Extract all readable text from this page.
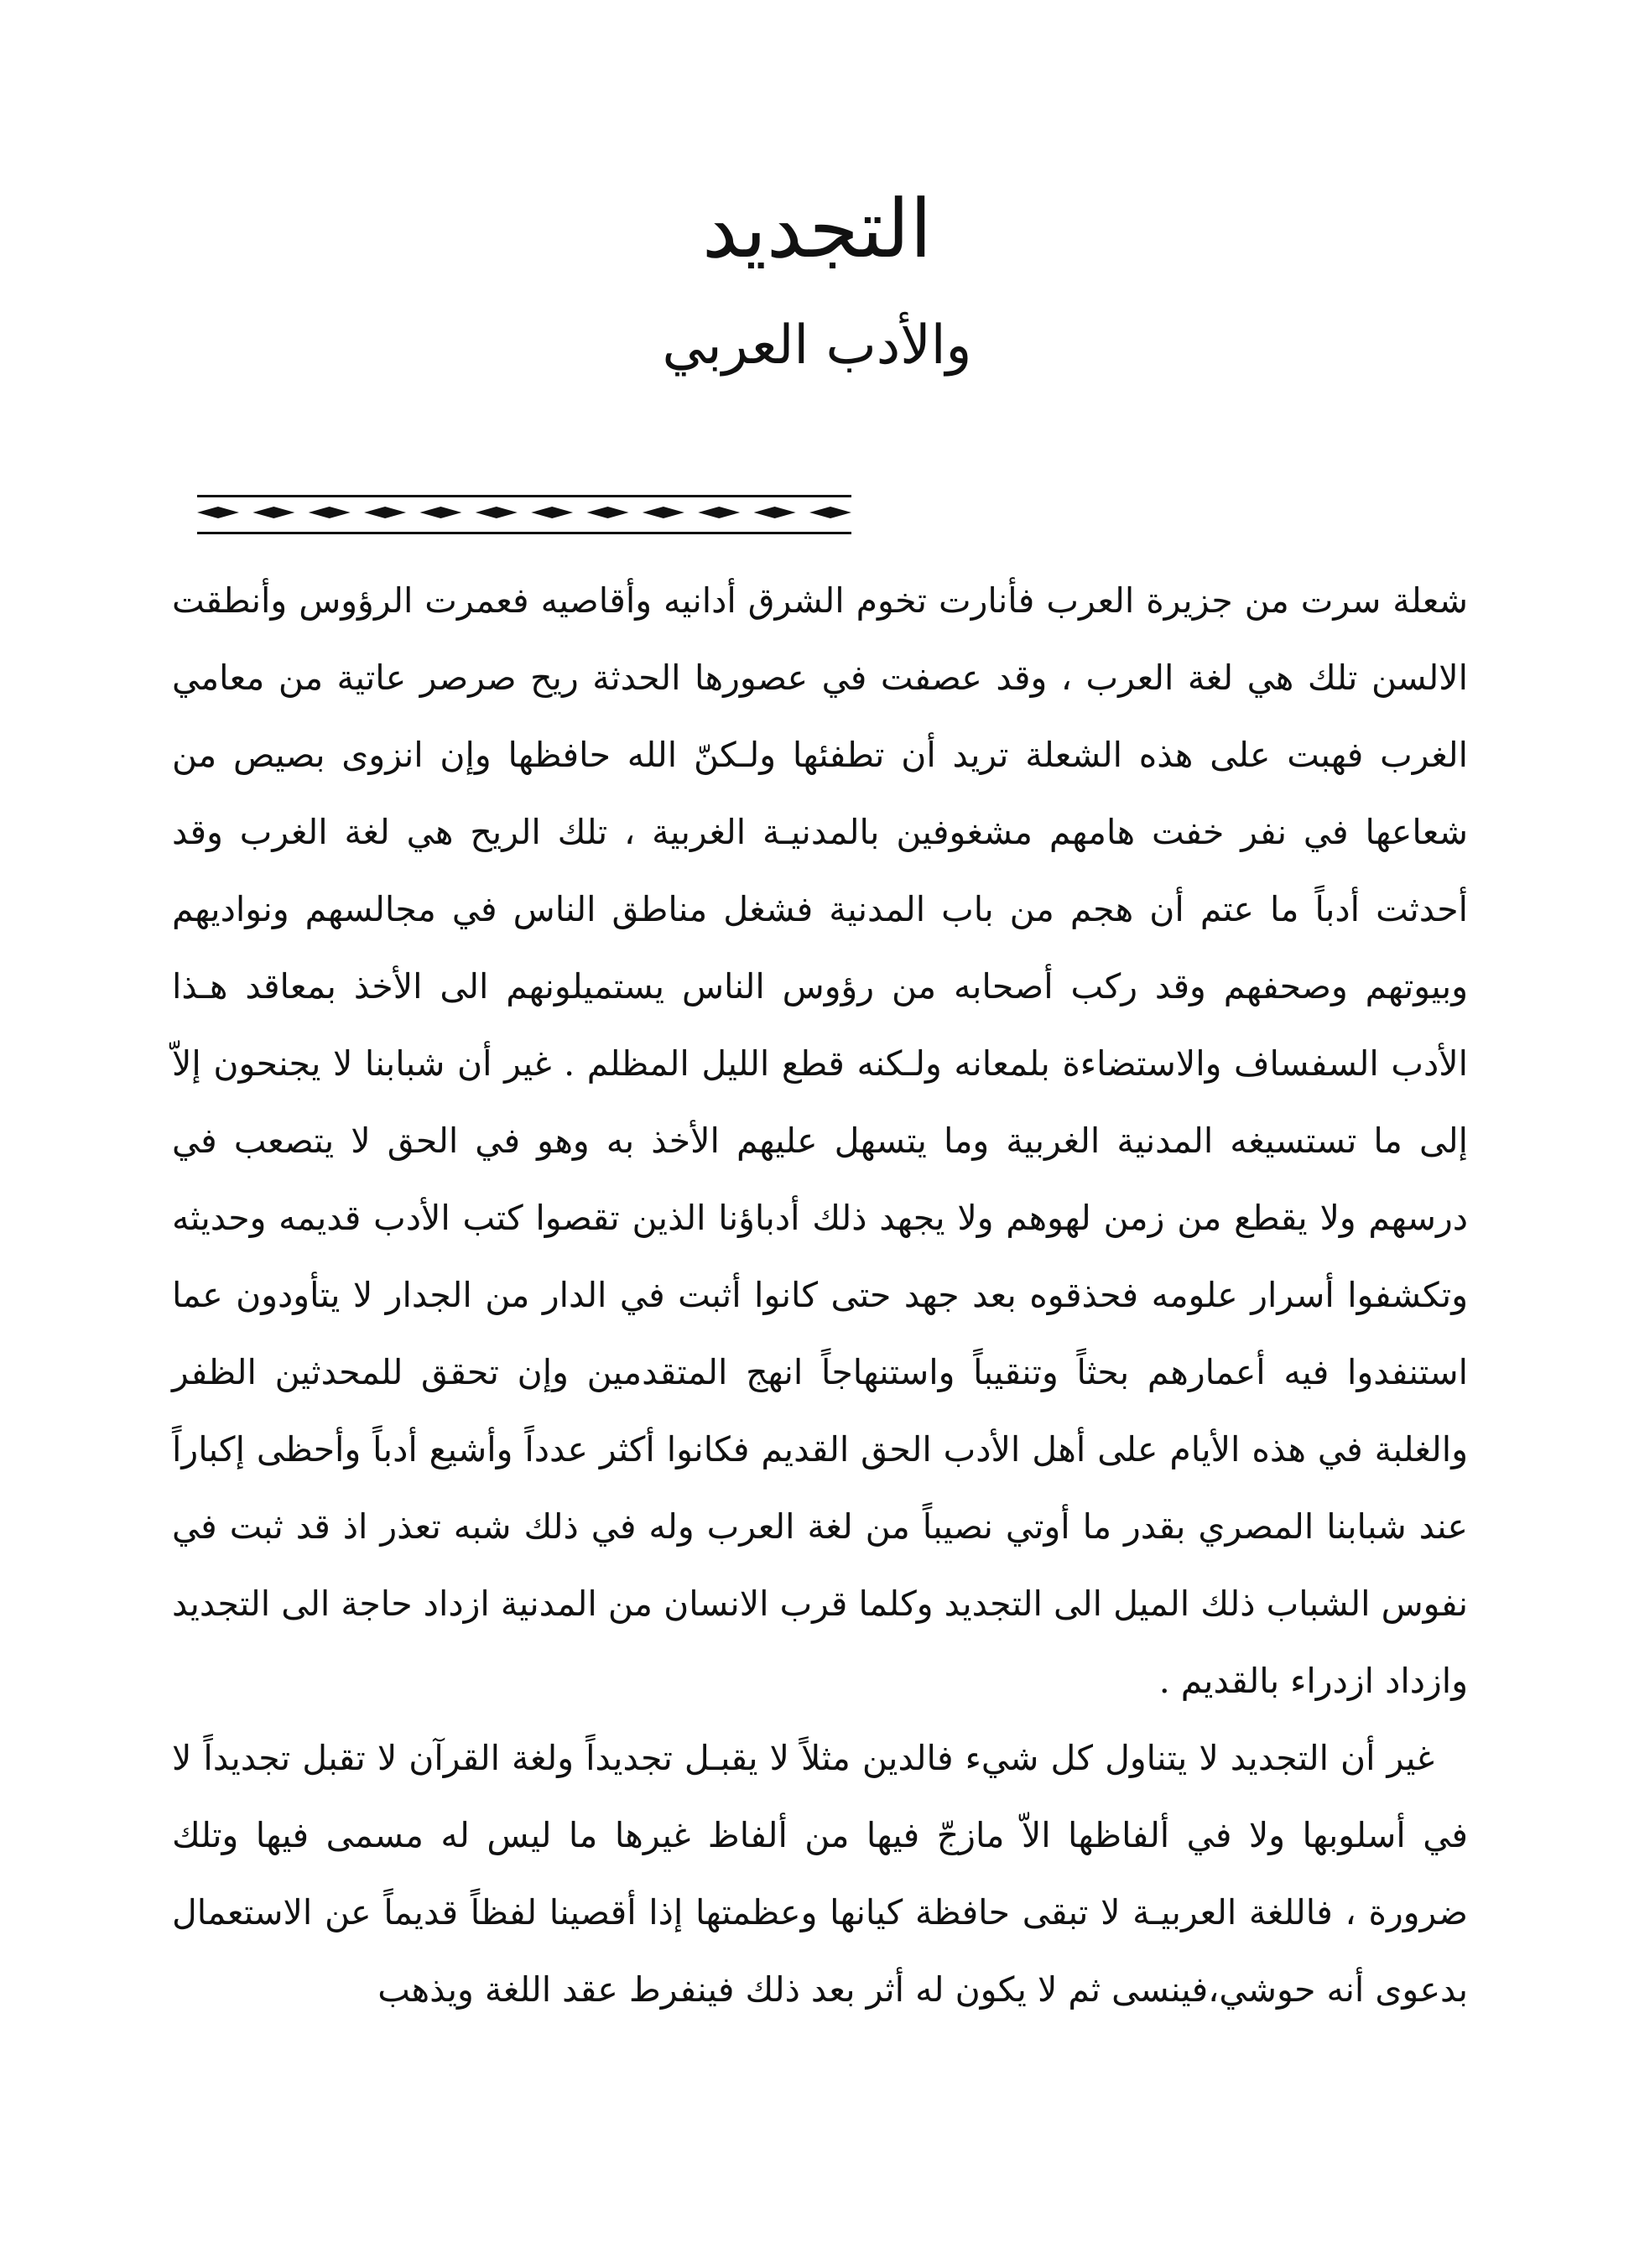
التجديد
والأدب العربي

شعلة سرت من جزيرة العرب فأنارت تخوم الشرق أدانيه وأقاصيه فعمرت الرؤوس وأنطقت الالسن تلك هي لغة العرب ، وقد عصفت في عصورها الحدثة ريح صرصر عاتية من معامي الغرب فهبت على هذه الشعلة تريد أن تطفئها ولـكنّ الله حافظها وإن انزوى بصيص من شعاعها في نفر خفت هامهم مشغوفين بالمدنيـة الغربية ، تلك الريح هي لغة الغرب وقد أحدثت أدباً ما عتم أن هجم من باب المدنية فشغل مناطق الناس في مجالسهم ونواديهم وبيوتهم وصحفهم وقد ركب أصحابه من رؤوس الناس يستميلونهم الى الأخذ بمعاقد هـذا الأدب السفساف والاستضاءة بلمعانه ولـكنه قطع الليل المظلم . غير أن شبابنا لا يجنحون إلاّ إلى ما تستسيغه المدنية الغربية وما يتسهل عليهم الأخذ به وهو في الحق لا يتصعب في درسهم ولا يقطع من زمن لهوهم ولا يجهد ذلك أدباؤنا الذين تقصوا كتب الأدب قديمه وحديثه وتكشفوا أسرار علومه فحذقوه بعد جهد حتى كانوا أثبت في الدار من الجدار لا يتأودون عما استنفدوا فيه أعمارهم بحثاً وتنقيباً واستنهاجاً انهج المتقدمين وإن تحقق للمحدثين الظفر والغلبة في هذه الأيام على أهل الأدب الحق القديم فكانوا أكثر عدداً وأشيع أدباً وأحظى إكباراً عند شبابنا المصري بقدر ما أوتي نصيباً من لغة العرب وله في ذلك شبه تعذر اذ قد ثبت في نفوس الشباب ذلك الميل الى التجديد وكلما قرب الانسان من المدنية ازداد حاجة الى التجديد وازداد ازدراء بالقديم .

غير أن التجديد لا يتناول كل شيء فالدين مثلاً لا يقبـل تجديداً ولغة القرآن لا تقبل تجديداً لا في أسلوبها ولا في ألفاظها الاّ مازجّ فيها من ألفاظ غيرها ما ليس له مسمى فيها وتلك ضرورة ، فاللغة العربيـة لا تبقى حافظة كيانها وعظمتها إذا أقصينا لفظاً قديماً عن الاستعمال بدعوى أنه حوشي،فينسى ثم لا يكون له أثر بعد ذلك فينفرط عقد اللغة ويذهب
